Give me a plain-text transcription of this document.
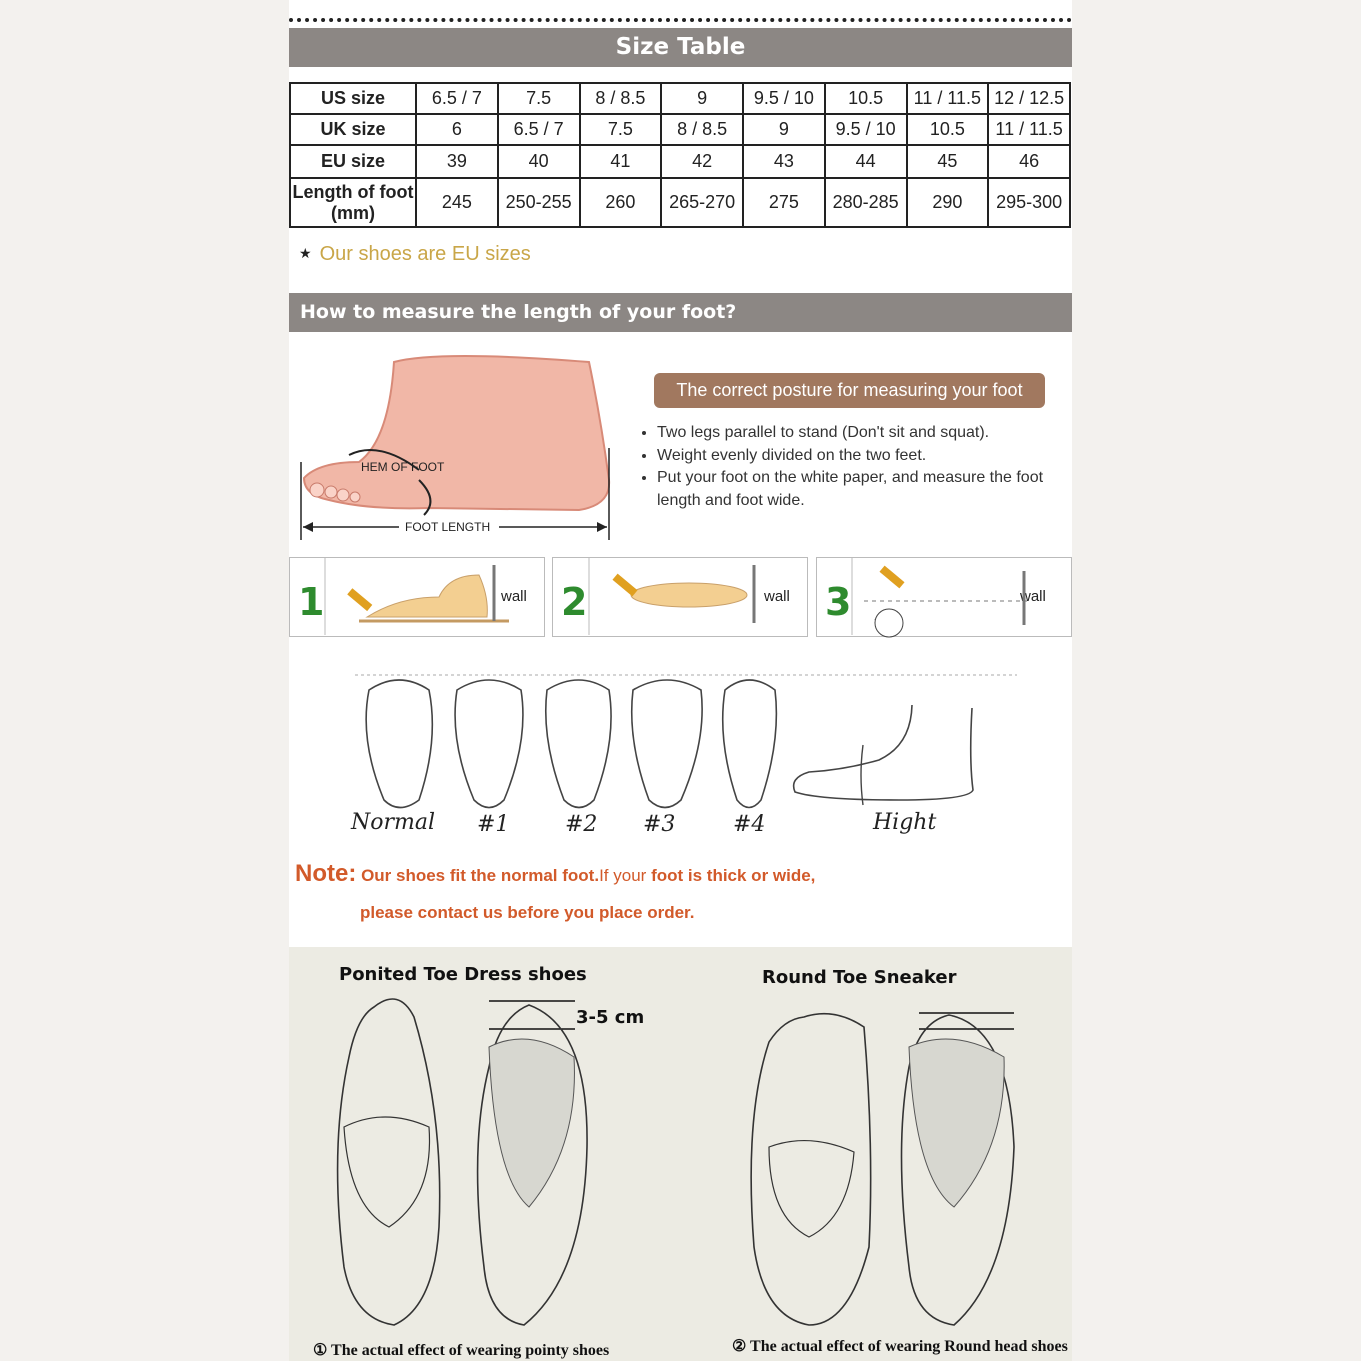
Size Table
US size	6.5 / 7	7.5	8 / 8.5	9	9.5 / 10	10.5	11 / 11.5	12 / 12.5
UK size	6	6.5 / 7	7.5	8 / 8.5	9	9.5 / 10	10.5	11 / 11.5
EU size	39	40	41	42	43	44	45	46
Length of foot (mm)	245	250-255	260	265-270	275	280-285	290	295-300
★ Our shoes are EU sizes
How to measure the length of your foot?
HEM OF FOOT
FOOT LENGTH
The correct posture for measuring your foot
• Two legs parallel to stand (Don't sit and squat).
• Weight evenly divided on the two feet.
• Put your foot on the white paper, and measure the foot length and foot wide.
1	wall 2	wall 3	wall
Normal #1	#2 #3	#4	Hight
Note: Our shoes fit the normal foot.If your foot is thick or wide,
please contact us before you place order.
Ponited Toe Dress shoes
3-5 cm
Round Toe Sneaker
① The actual effect of wearing pointy shoes	② The actual effect of wearing Round head shoes
